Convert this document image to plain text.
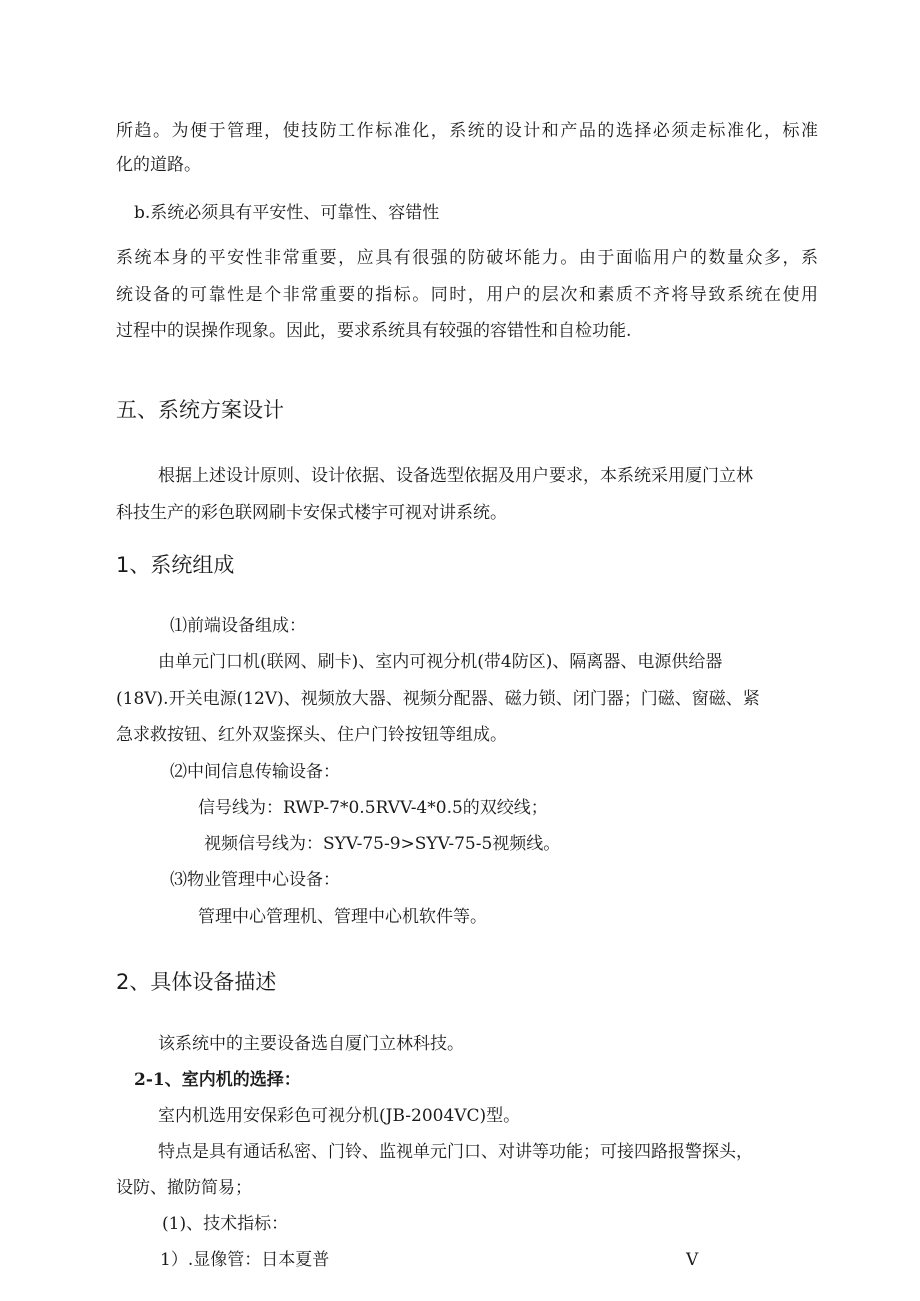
所趋。为便于管理，使技防工作标准化，系统的设计和产品的选择必须走标准化，标准
化的道路。
b.系统必须具有平安性、可靠性、容错性
系统本身的平安性非常重要，应具有很强的防破坏能力。由于面临用户的数量众多，系
统设备的可靠性是个非常重要的指标。同时，用户的层次和素质不齐将导致系统在使用
过程中的误操作现象。因此，要求系统具有较强的容错性和自检功能.
五、系统方案设计
根据上述设计原则、设计依据、设备选型依据及用户要求，本系统采用厦门立林
科技生产的彩色联网刷卡安保式楼宇可视对讲系统。
1、系统组成
⑴前端设备组成：
由单元门口机(联网、刷卡)、室内可视分机(带4防区)、隔离器、电源供给器
(18V).开关电源(12V)、视频放大器、视频分配器、磁力锁、闭门器；门磁、窗磁、紧
急求救按钮、红外双鉴探头、住户门铃按钮等组成。
⑵中间信息传输设备：
信号线为：RWP-7*0.5RVV-4*0.5的双绞线；
视频信号线为：SYV-75-9>SYV-75-5视频线。
⑶物业管理中心设备：
管理中心管理机、管理中心机软件等。
2、具体设备描述
该系统中的主要设备选自厦门立林科技。
2-1、室内机的选择：
室内机选用安保彩色可视分机(JB-2004VC)型。
特点是具有通话私密、门铃、监视单元门口、对讲等功能；可接四路报警探头，
设防、撤防简易；
(1)、技术指标：
1）.显像管：日本夏普	V
